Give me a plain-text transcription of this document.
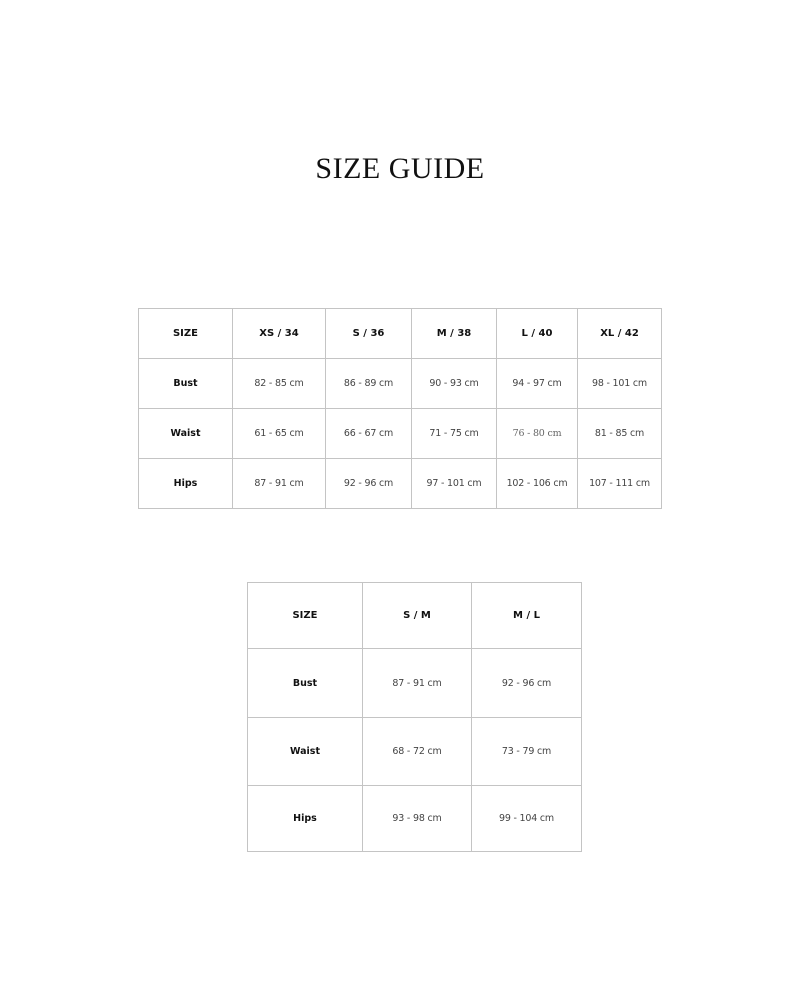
SIZE GUIDE
SIZE	XS / 34	S / 36	M / 38	L / 40	XL / 42
Bust	82 - 85 cm	86 - 89 cm	90 - 93 cm	94 - 97 cm	98 - 101 cm
Waist	61 - 65 cm	66 - 67 cm	71 - 75 cm	76 - 80 cm	81 - 85 cm
Hips	87 - 91 cm	92 - 96 cm	97 - 101 cm	102 - 106 cm	107 - 111 cm
SIZE	S / M	M / L
Bust	87 - 91 cm	92 - 96 cm
Waist	68 - 72 cm	73 - 79 cm
Hips	93 - 98 cm	99 - 104 cm
